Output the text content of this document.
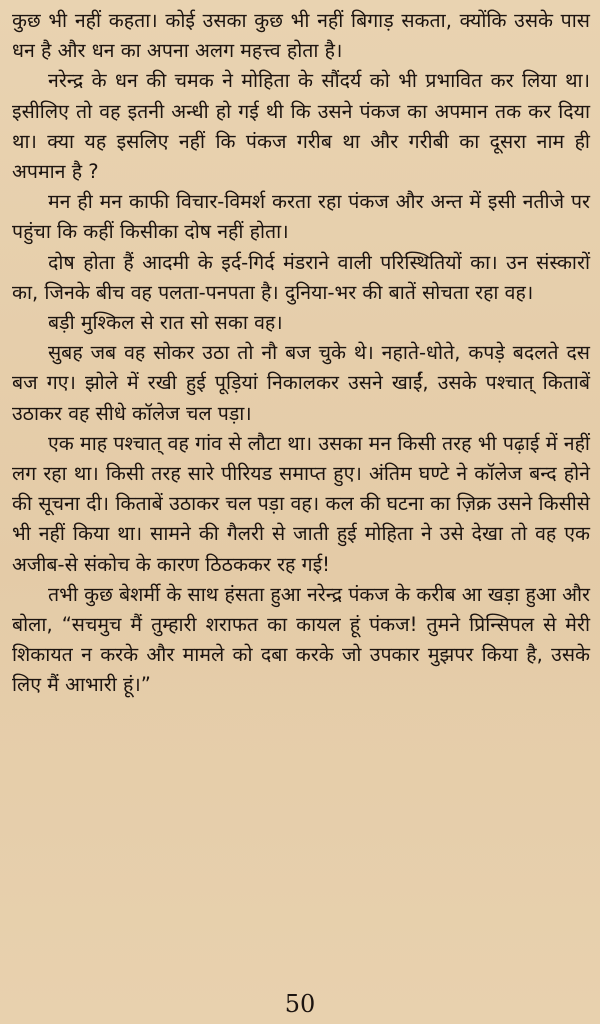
कुछ भी नहीं कहता। कोई उसका कुछ भी नहीं बिगाड़ सकता, क्योंकि उसके पास धन है और धन का अपना अलग महत्त्व होता है।

नरेन्द्र के धन की चमक ने मोहिता के सौंदर्य को भी प्रभावित कर लिया था। इसीलिए तो वह इतनी अन्धी हो गई थी कि उसने पंकज का अपमान तक कर दिया था। क्या यह इसलिए नहीं कि पंकज गरीब था और गरीबी का दूसरा नाम ही अपमान है ?

मन ही मन काफी विचार-विमर्श करता रहा पंकज और अन्त में इसी नतीजे पर पहुंचा कि कहीं किसीका दोष नहीं होता।

दोष होता हैं आदमी के इर्द-गिर्द मंडराने वाली परिस्थितियों का। उन संस्कारों का, जिनके बीच वह पलता-पनपता है। दुनिया-भर की बातें सोचता रहा वह।

बड़ी मुश्किल से रात सो सका वह।

सुबह जब वह सोकर उठा तो नौ बज चुके थे। नहाते-धोते, कपड़े बदलते दस बज गए। झोले में रखी हुई पूड़ियां निकालकर उसने खाईं, उसके पश्चात् किताबें उठाकर वह सीधे कॉलेज चल पड़ा।

एक माह पश्चात् वह गांव से लौटा था। उसका मन किसी तरह भी पढ़ाई में नहीं लग रहा था। किसी तरह सारे पीरियड समाप्त हुए। अंतिम घण्टे ने कॉलेज बन्द होने की सूचना दी। किताबें उठाकर चल पड़ा वह। कल की घटना का ज़िक्र उसने किसीसे भी नहीं किया था। सामने की गैलरी से जाती हुई मोहिता ने उसे देखा तो वह एक अजीब-से संकोच के कारण ठिठककर रह गई!

तभी कुछ बेशर्मी के साथ हंसता हुआ नरेन्द्र पंकज के करीब आ खड़ा हुआ और बोला, “सचमुच मैं तुम्हारी शराफत का कायल हूं पंकज! तुमने प्रिन्सिपल से मेरी शिकायत न करके और मामले को दबा करके जो उपकार मुझपर किया है, उसके लिए मैं आभारी हूं।”

50
